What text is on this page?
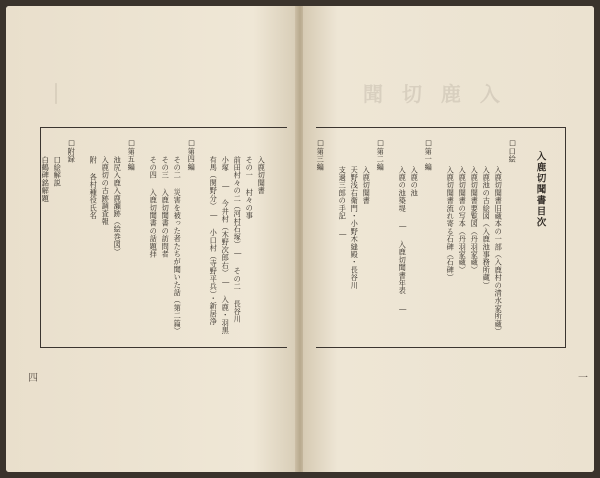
｜
入鹿切聞書
その一 村々の事
前田村々の二（河村石塚）― その二 長谷川
小塚 ― 今井村（木野次郎右）― 入鹿・羽黒
有馬（関野分）― 小口村（寺野平兵）・新居浄
□第四編
その二 災害を被った者たちが聞いた話（第二篇）
その三 入鹿切聞書の訪問者
その四 入鹿切聞書の話題拝
□第五編
池尻入鹿入鹿瀬跡（絵巻図）
入鹿切の古跡調査報
附 各村種役氏名
□附録
口絵解説
白鶴碑銘解題
四
聞 切 鹿 入
□口絵
入鹿切聞書旧蔵本の一部（入鹿村の清水家所蔵）
入鹿池の古絵図（入鹿池事務所蔵）
入鹿切聞書要覧図（丹羽家蔵）
入鹿切聞書の写本（丹羽家蔵）
入鹿切聞書流れ寄る石碑（石碑）
□第一編
入鹿の池
入鹿の池築堤 ― 入鹿切聞書年表 ―
□第二編
入鹿切聞書
天野浅右衛門・小野木縫殿・長谷川
支過三郎の手記 ―
□第三編	入鹿切聞書目次
一
